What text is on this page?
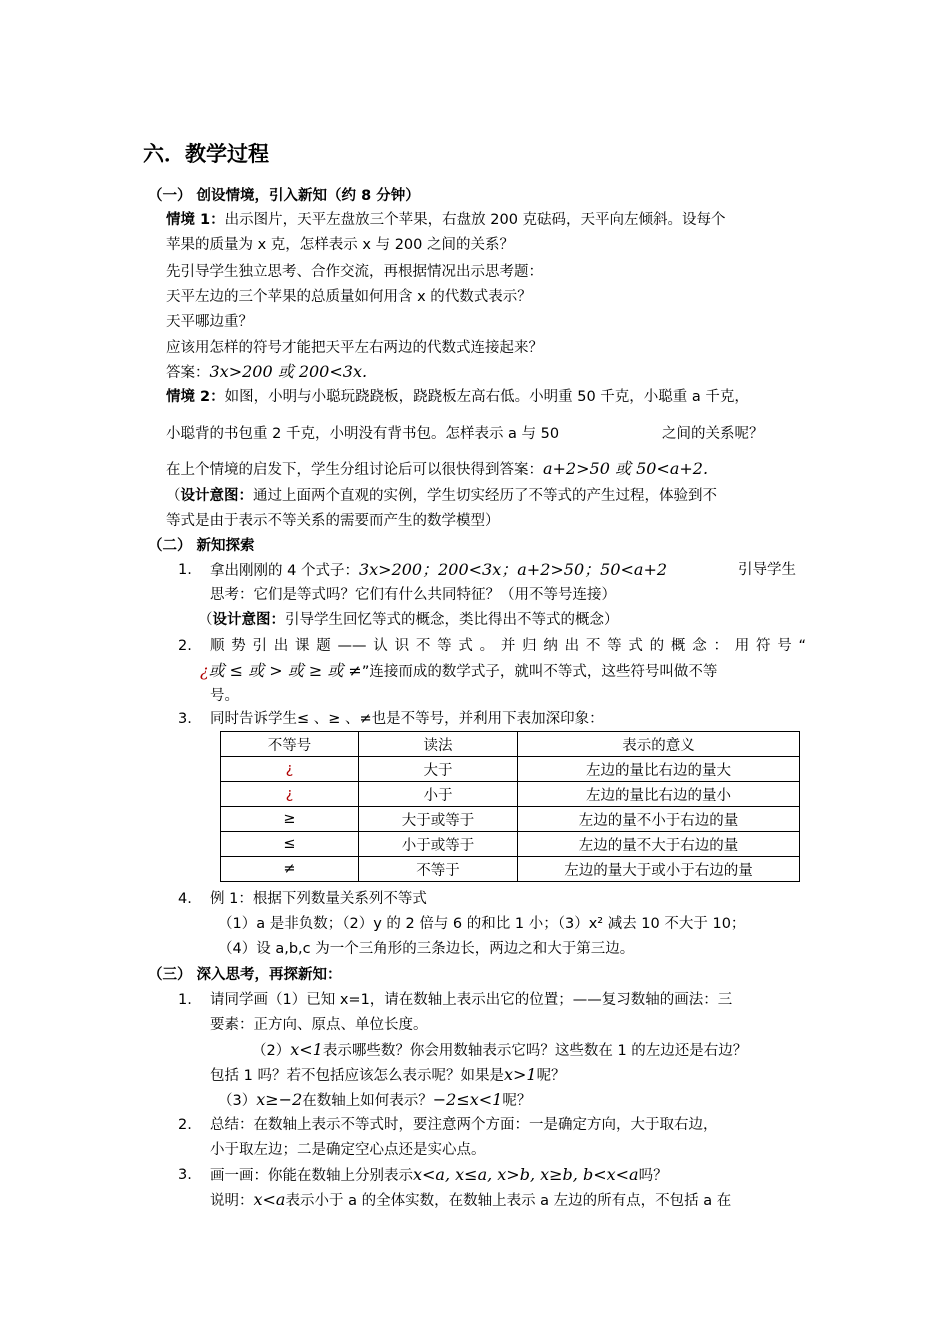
六．教学过程
（一） 创设情境，引入新知（约 8 分钟）
情境 1：出示图片，天平左盘放三个苹果，右盘放 200 克砝码，天平向左倾斜。设每个
苹果的质量为 x 克，怎样表示 x 与 200 之间的关系？
先引导学生独立思考、合作交流，再根据情况出示思考题：
天平左边的三个苹果的总质量如何用含 x 的代数式表示？
天平哪边重？
应该用怎样的符号才能把天平左右两边的代数式连接起来？
答案：3x>200 或 200<3x.
情境 2：如图，小明与小聪玩跷跷板，跷跷板左高右低。小明重 50 千克，小聪重 a 千克，
小聪背的书包重 2 千克，小明没有背书包。怎样表示 a 与 50	之间的关系呢？
在上个情境的启发下，学生分组讨论后可以很快得到答案：a+2>50 或 50<a+2.
（设计意图：通过上面两个直观的实例，学生切实经历了不等式的产生过程，体验到不
等式是由于表示不等关系的需要而产生的数学模型）
（二） 新知探索
1. 拿出刚刚的 4 个式子：3x>200；200<3x；a+2>50；50<a+2	引导学生
思考：它们是等式吗？它们有什么共同特征？（用不等号连接）
（设计意图：引导学生回忆等式的概念，类比得出不等式的概念）
2. 顺势引出课题——认识不等式。并归纳出不等式的概念：用符号“
¿或 ≤ 或 > 或 ≥ 或 ≠”连接而成的数学式子，就叫不等式，这些符号叫做不等
号。
3. 同时告诉学生≤ 、≥ 、≠也是不等号，并利用下表加深印象：
不等号	读法	表示的意义
¿	大于	左边的量比右边的量大
¿	小于	左边的量比右边的量小
≥	大于或等于	左边的量不小于右边的量
≤	小于或等于	左边的量不大于右边的量
≠	不等于	左边的量大于或小于右边的量
4. 例 1：根据下列数量关系列不等式
（1）a 是非负数；（2）y 的 2 倍与 6 的和比 1 小；（3）x² 减去 10 不大于 10；
（4）设 a,b,c 为一个三角形的三条边长，两边之和大于第三边。
（三） 深入思考，再探新知：
1. 请同学画（1）已知 x=1，请在数轴上表示出它的位置；——复习数轴的画法：三
要素：正方向、原点、单位长度。
（2）x<1表示哪些数？你会用数轴表示它吗？这些数在 1 的左边还是右边？
包括 1 吗？若不包括应该怎么表示呢？如果是x>1呢？
（3）x≥−2在数轴上如何表示？−2≤x<1呢？
2. 总结：在数轴上表示不等式时，要注意两个方面：一是确定方向，大于取右边，
小于取左边；二是确定空心点还是实心点。
3. 画一画：你能在数轴上分别表示x<a, x≤a, x>b, x≥b, b<x<a吗？
说明：x<a表示小于 a 的全体实数，在数轴上表示 a 左边的所有点，不包括 a 在
